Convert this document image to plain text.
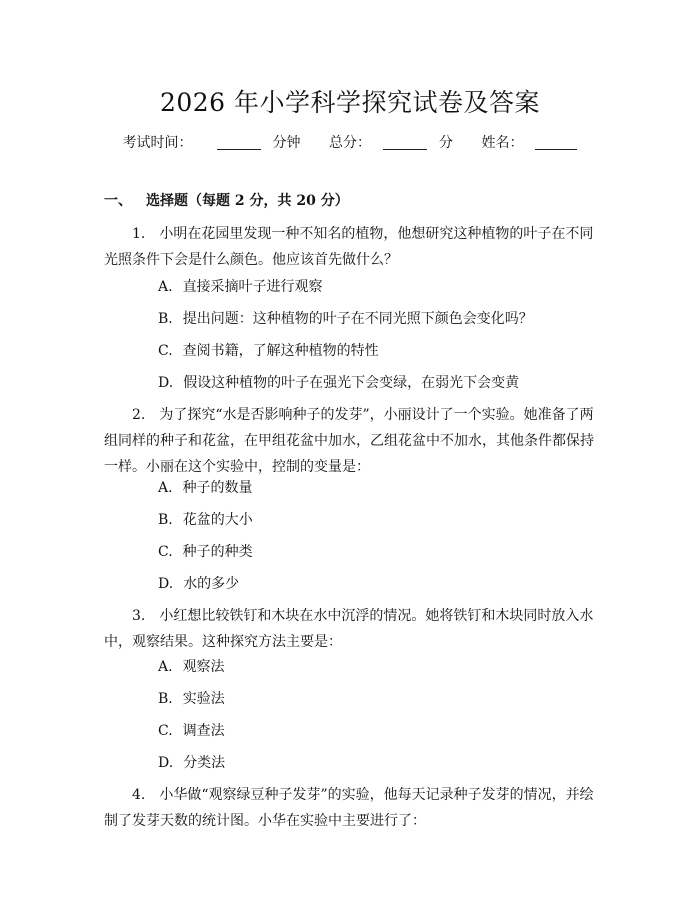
2026 年小学科学探究试卷及答案
考试时间：	分钟 总分：	分 姓名：
一、 选择题（每题 2 分，共 20 分）
1.　小明在花园里发现一种不知名的植物，他想研究这种植物的叶子在不同光照条件下会是什么颜色。他应该首先做什么？
A. 直接采摘叶子进行观察
B. 提出问题：这种植物的叶子在不同光照下颜色会变化吗？
C. 查阅书籍，了解这种植物的特性
D. 假设这种植物的叶子在强光下会变绿，在弱光下会变黄
2.　为了探究“水是否影响种子的发芽”，小丽设计了一个实验。她准备了两组同样的种子和花盆，在甲组花盆中加水，乙组花盆中不加水，其他条件都保持一样。小丽在这个实验中，控制的变量是：
A. 种子的数量
B. 花盆的大小
C. 种子的种类
D. 水的多少
3.　小红想比较铁钉和木块在水中沉浮的情况。她将铁钉和木块同时放入水中，观察结果。这种探究方法主要是：
A. 观察法
B. 实验法
C. 调查法
D. 分类法
4.　小华做“观察绿豆种子发芽”的实验，他每天记录种子发芽的情况，并绘制了发芽天数的统计图。小华在实验中主要进行了：
